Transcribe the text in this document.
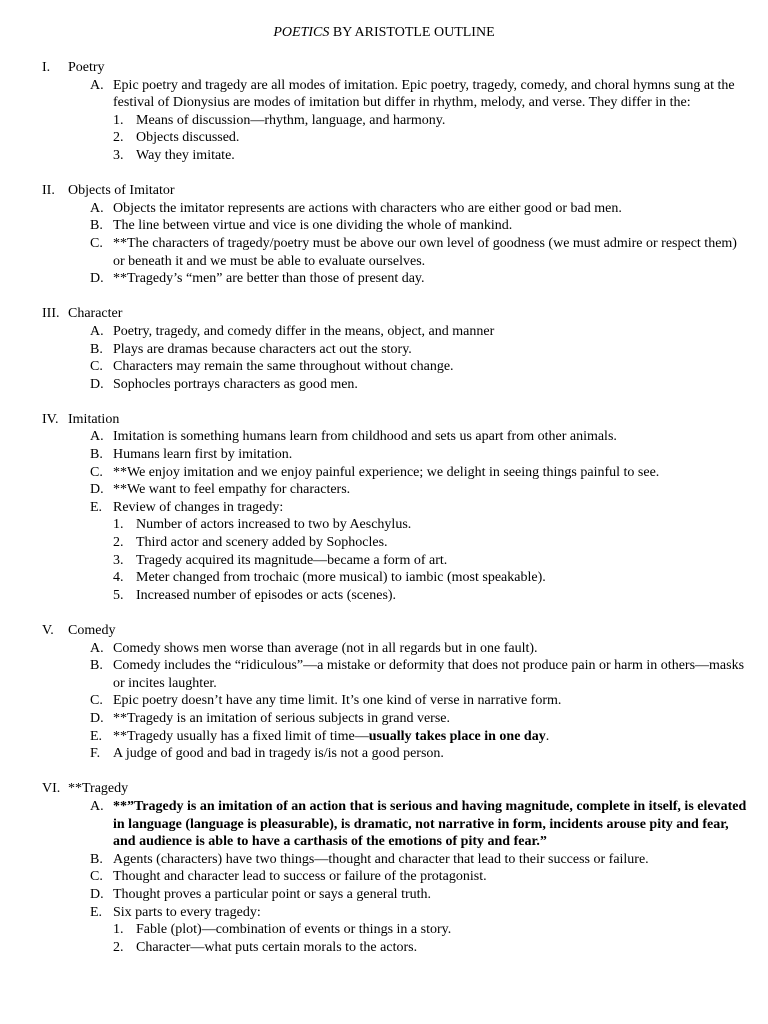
POETICS BY ARISTOTLE OUTLINE
I.	Poetry
A. Epic poetry and tragedy are all modes of imitation. Epic poetry, tragedy, comedy, and choral hymns sung at the festival of Dionysius are modes of imitation but differ in rhythm, melody, and verse. They differ in the:
1. Means of discussion—rhythm, language, and harmony.
2. Objects discussed.
3. Way they imitate.
II. Objects of Imitator
A. Objects the imitator represents are actions with characters who are either good or bad men.
B. The line between virtue and vice is one dividing the whole of mankind.
C. **The characters of tragedy/poetry must be above our own level of goodness (we must admire or respect them) or beneath it and we must be able to evaluate ourselves.
D. **Tragedy’s “men” are better than those of present day.
III. Character
A. Poetry, tragedy, and comedy differ in the means, object, and manner
B. Plays are dramas because characters act out the story.
C. Characters may remain the same throughout without change.
D. Sophocles portrays characters as good men.
IV. Imitation
A. Imitation is something humans learn from childhood and sets us apart from other animals.
B. Humans learn first by imitation.
C. **We enjoy imitation and we enjoy painful experience; we delight in seeing things painful to see.
D. **We want to feel empathy for characters.
E. Review of changes in tragedy:
1. Number of actors increased to two by Aeschylus.
2. Third actor and scenery added by Sophocles.
3. Tragedy acquired its magnitude—became a form of art.
4. Meter changed from trochaic (more musical) to iambic (most speakable).
5. Increased number of episodes or acts (scenes).
V.	Comedy
A. Comedy shows men worse than average (not in all regards but in one fault).
B. Comedy includes the “ridiculous”—a mistake or deformity that does not produce pain or harm in others—masks or incites laughter.
C. Epic poetry doesn’t have any time limit. It’s one kind of verse in narrative form.
D. **Tragedy is an imitation of serious subjects in grand verse.
E. **Tragedy usually has a fixed limit of time—usually takes place in one day.
F. A judge of good and bad in tragedy is/is not a good person.
VI. **Tragedy
A. **”Tragedy is an imitation of an action that is serious and having magnitude, complete in itself, is elevated in language (language is pleasurable), is dramatic, not narrative in form, incidents arouse pity and fear, and audience is able to have a carthasis of the emotions of pity and fear.”
B. Agents (characters) have two things—thought and character that lead to their success or failure.
C. Thought and character lead to success or failure of the protagonist.
D. Thought proves a particular point or says a general truth.
E. Six parts to every tragedy:
1. Fable (plot)—combination of events or things in a story.
2. Character—what puts certain morals to the actors.
